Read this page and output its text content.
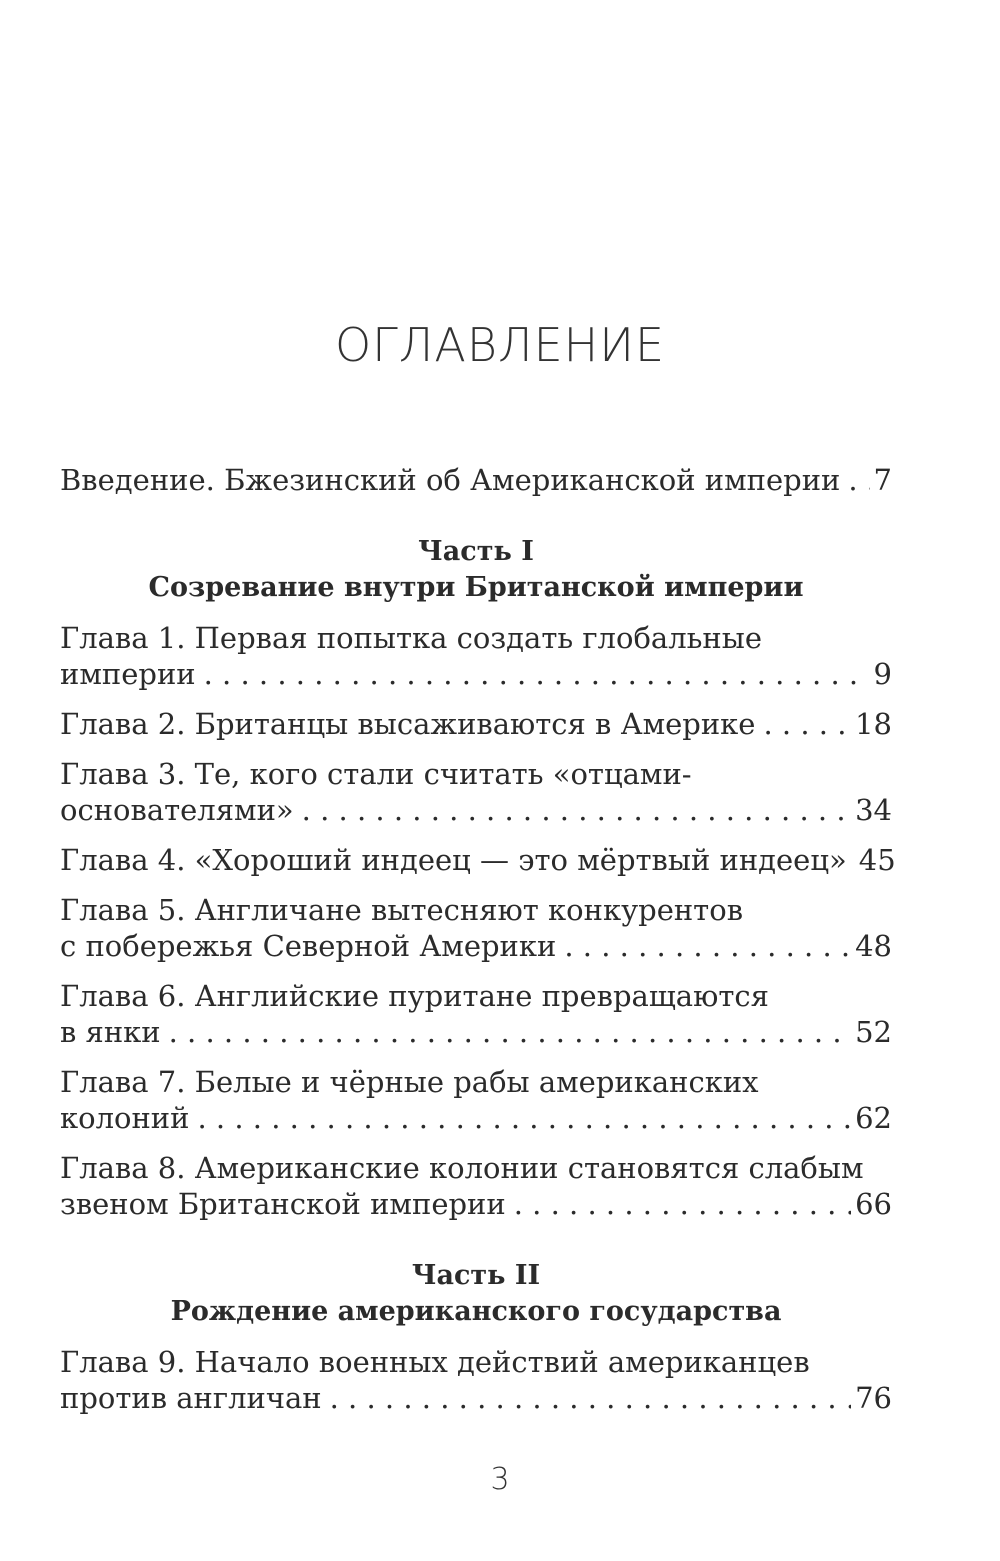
ОГЛАВЛЕНИЕ
Введение. Бжезинский об Американской империи . . . 7
Часть I
Созревание внутри Британской империи
Глава 1. Первая попытка создать глобальные
империи . . .	9
Глава 2. Британцы высаживаются в Америке . . .	18
Глава 3. Те, кого стали считать «отцами-
основателями» . . .	34
Глава 4. «Хороший индеец — это мёртвый индеец» 45
Глава 5. Англичане вытесняют конкурентов
с побережья Северной Америки . . .	48
Глава 6. Английские пуритане превращаются
в янки . . .	52
Глава 7. Белые и чёрные рабы американских
колоний . . .	62
Глава 8. Американские колонии становятся слабым
звеном Британской империи . . .	66
Часть II
Рождение американского государства
Глава 9. Начало военных действий американцев
против англичан . . .	76
3
